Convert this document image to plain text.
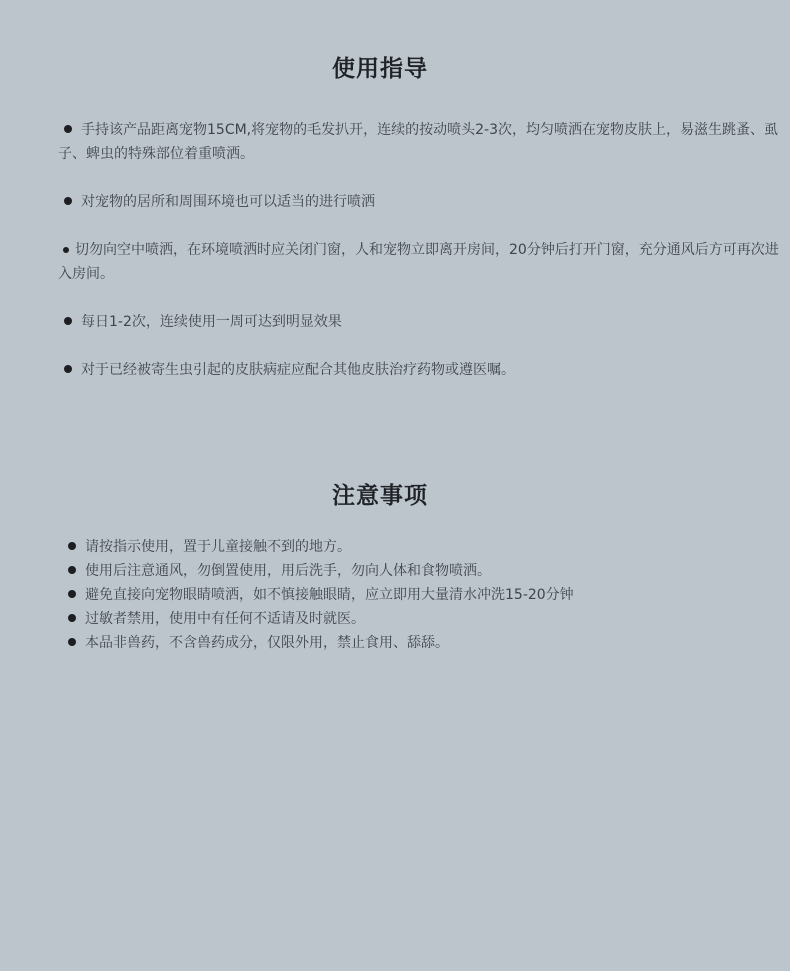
使用指导

手持该产品距离宠物15CM,将宠物的毛发扒开，连续的按动喷头2-3次，均匀喷洒在宠物皮肤上，易滋生跳蚤、虱子、蜱虫的特殊部位着重喷洒。

对宠物的居所和周围环境也可以适当的进行喷洒

切勿向空中喷洒，在环境喷洒时应关闭门窗，人和宠物立即离开房间，20分钟后打开门窗，充分通风后方可再次进入房间。

每日1-2次，连续使用一周可达到明显效果

对于已经被寄生虫引起的皮肤病症应配合其他皮肤治疗药物或遵医嘱。

注意事项
请按指示使用，置于儿童接触不到的地方。
使用后注意通风，勿倒置使用，用后洗手，勿向人体和食物喷洒。
避免直接向宠物眼睛喷洒，如不慎接触眼睛，应立即用大量清水冲洗15-20分钟
过敏者禁用，使用中有任何不适请及时就医。
本品非兽药，不含兽药成分，仅限外用，禁止食用、舔舔。
